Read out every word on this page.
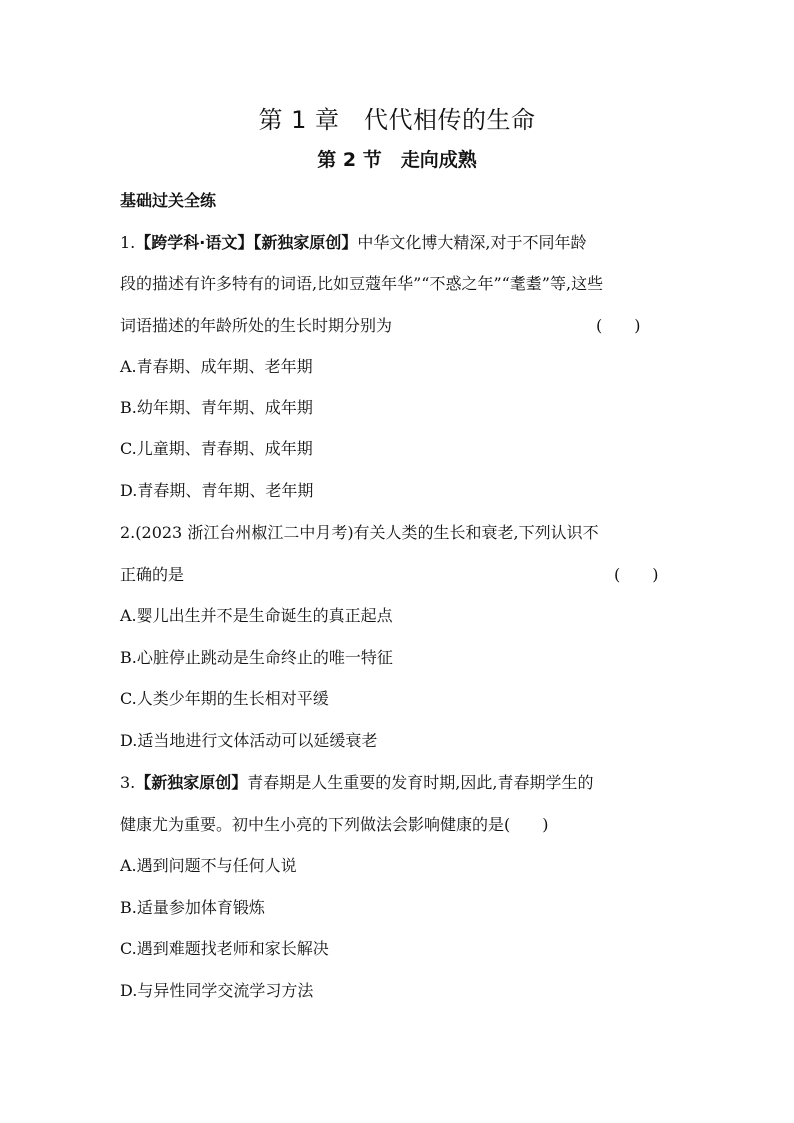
第 1 章　代代相传的生命
第 2 节　走向成熟
基础过关全练
1.【跨学科·语文】【新独家原创】中华文化博大精深,对于不同年龄
段的描述有许多特有的词语,比如豆蔻年华”“不惑之年”“耄耋”等,这些
词语描述的年龄所处的生长时期分别为	(　　)
A.青春期、成年期、老年期
B.幼年期、青年期、成年期
C.儿童期、青春期、成年期
D.青春期、青年期、老年期
2.(2023 浙江台州椒江二中月考)有关人类的生长和衰老,下列认识不
正确的是	(　　)
A.婴儿出生并不是生命诞生的真正起点
B.心脏停止跳动是生命终止的唯一特征
C.人类少年期的生长相对平缓
D.适当地进行文体活动可以延缓衰老
3.【新独家原创】青春期是人生重要的发育时期,因此,青春期学生的
健康尤为重要。初中生小亮的下列做法会影响健康的是(　　)
A.遇到问题不与任何人说
B.适量参加体育锻炼
C.遇到难题找老师和家长解决
D.与异性同学交流学习方法
